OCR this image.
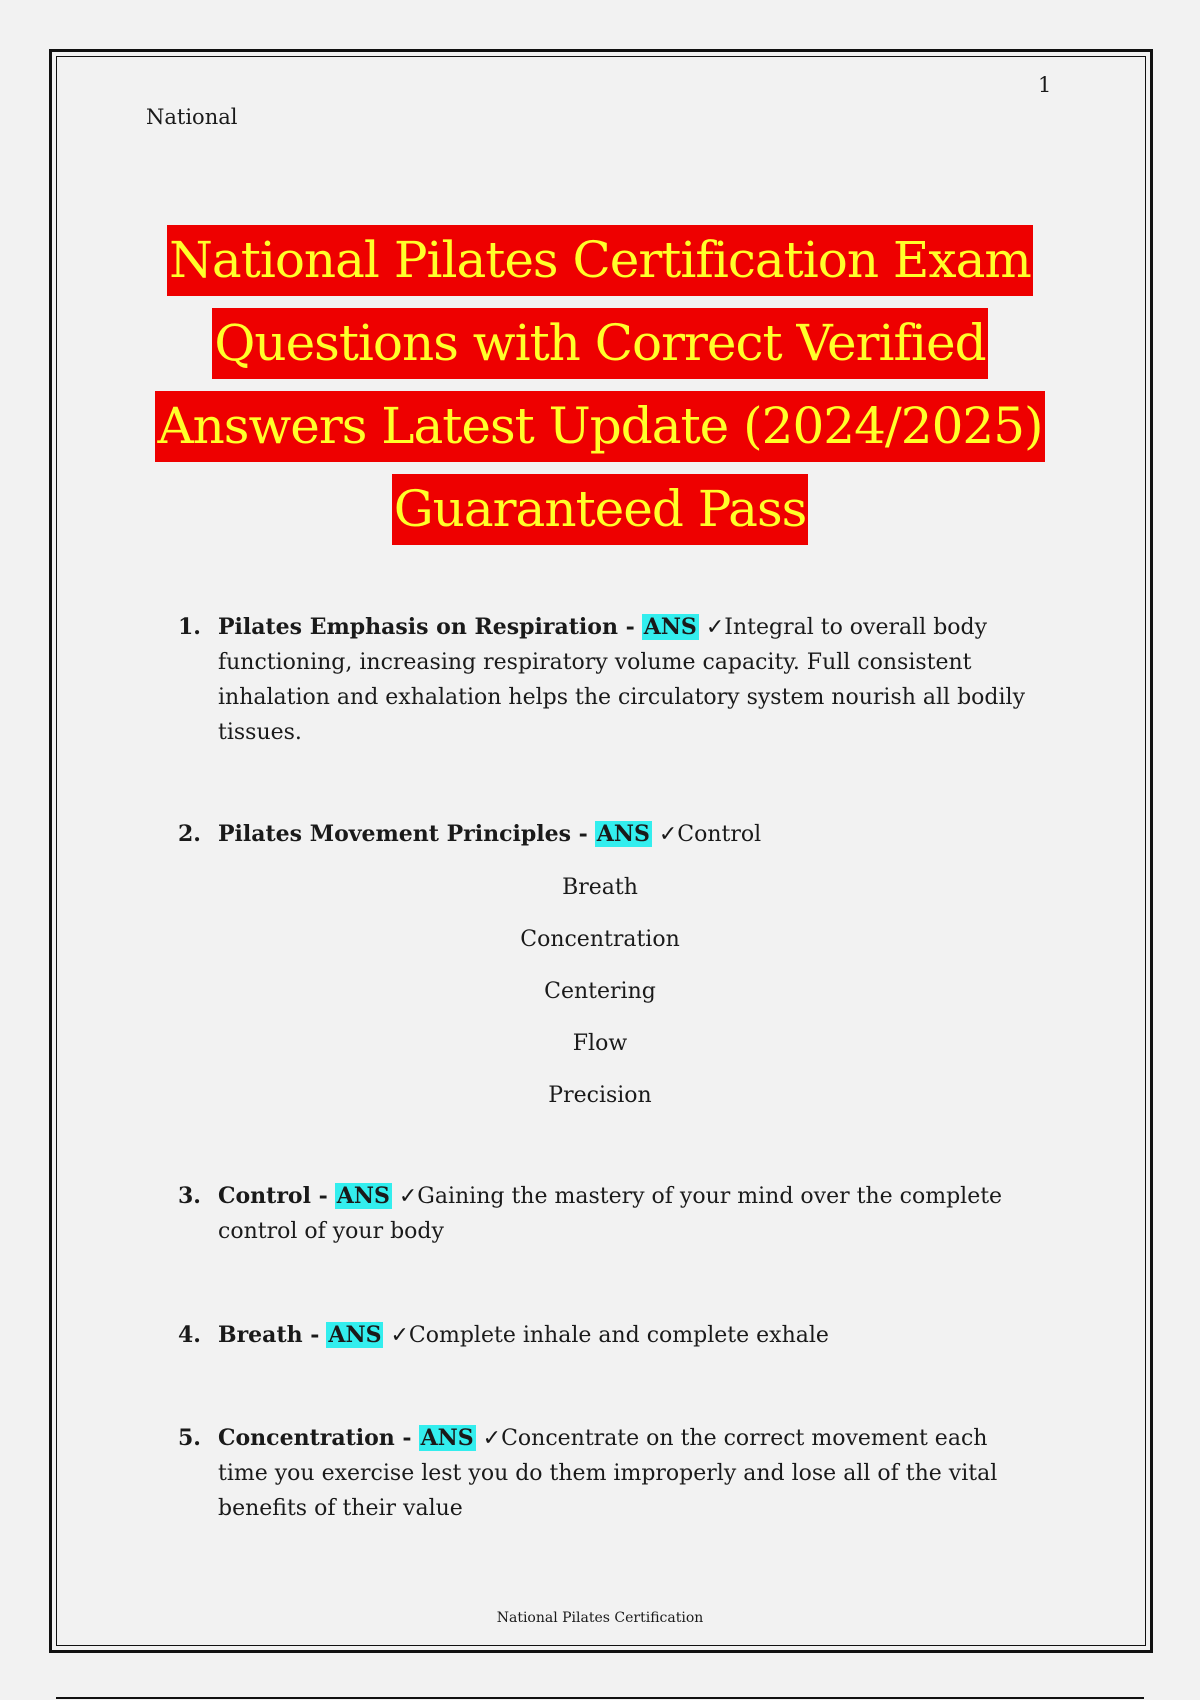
1
National
National Pilates Certification Exam
Questions with Correct Verified
Answers Latest Update (2024/2025)
Guaranteed Pass
1. Pilates Emphasis on Respiration - ANS ✓Integral to overall body functioning, increasing respiratory volume capacity. Full consistent inhalation and exhalation helps the circulatory system nourish all bodily tissues.
2. Pilates Movement Principles - ANS ✓Control
3. Control - ANS ✓Gaining the mastery of your mind over the complete control of your body
4. Breath - ANS ✓Complete inhale and complete exhale
5. Concentration - ANS ✓Concentrate on the correct movement each time you exercise lest you do them improperly and lose all of the vital benefits of their value
Breath
Concentration
Centering
Flow
Precision
National Pilates Certification
